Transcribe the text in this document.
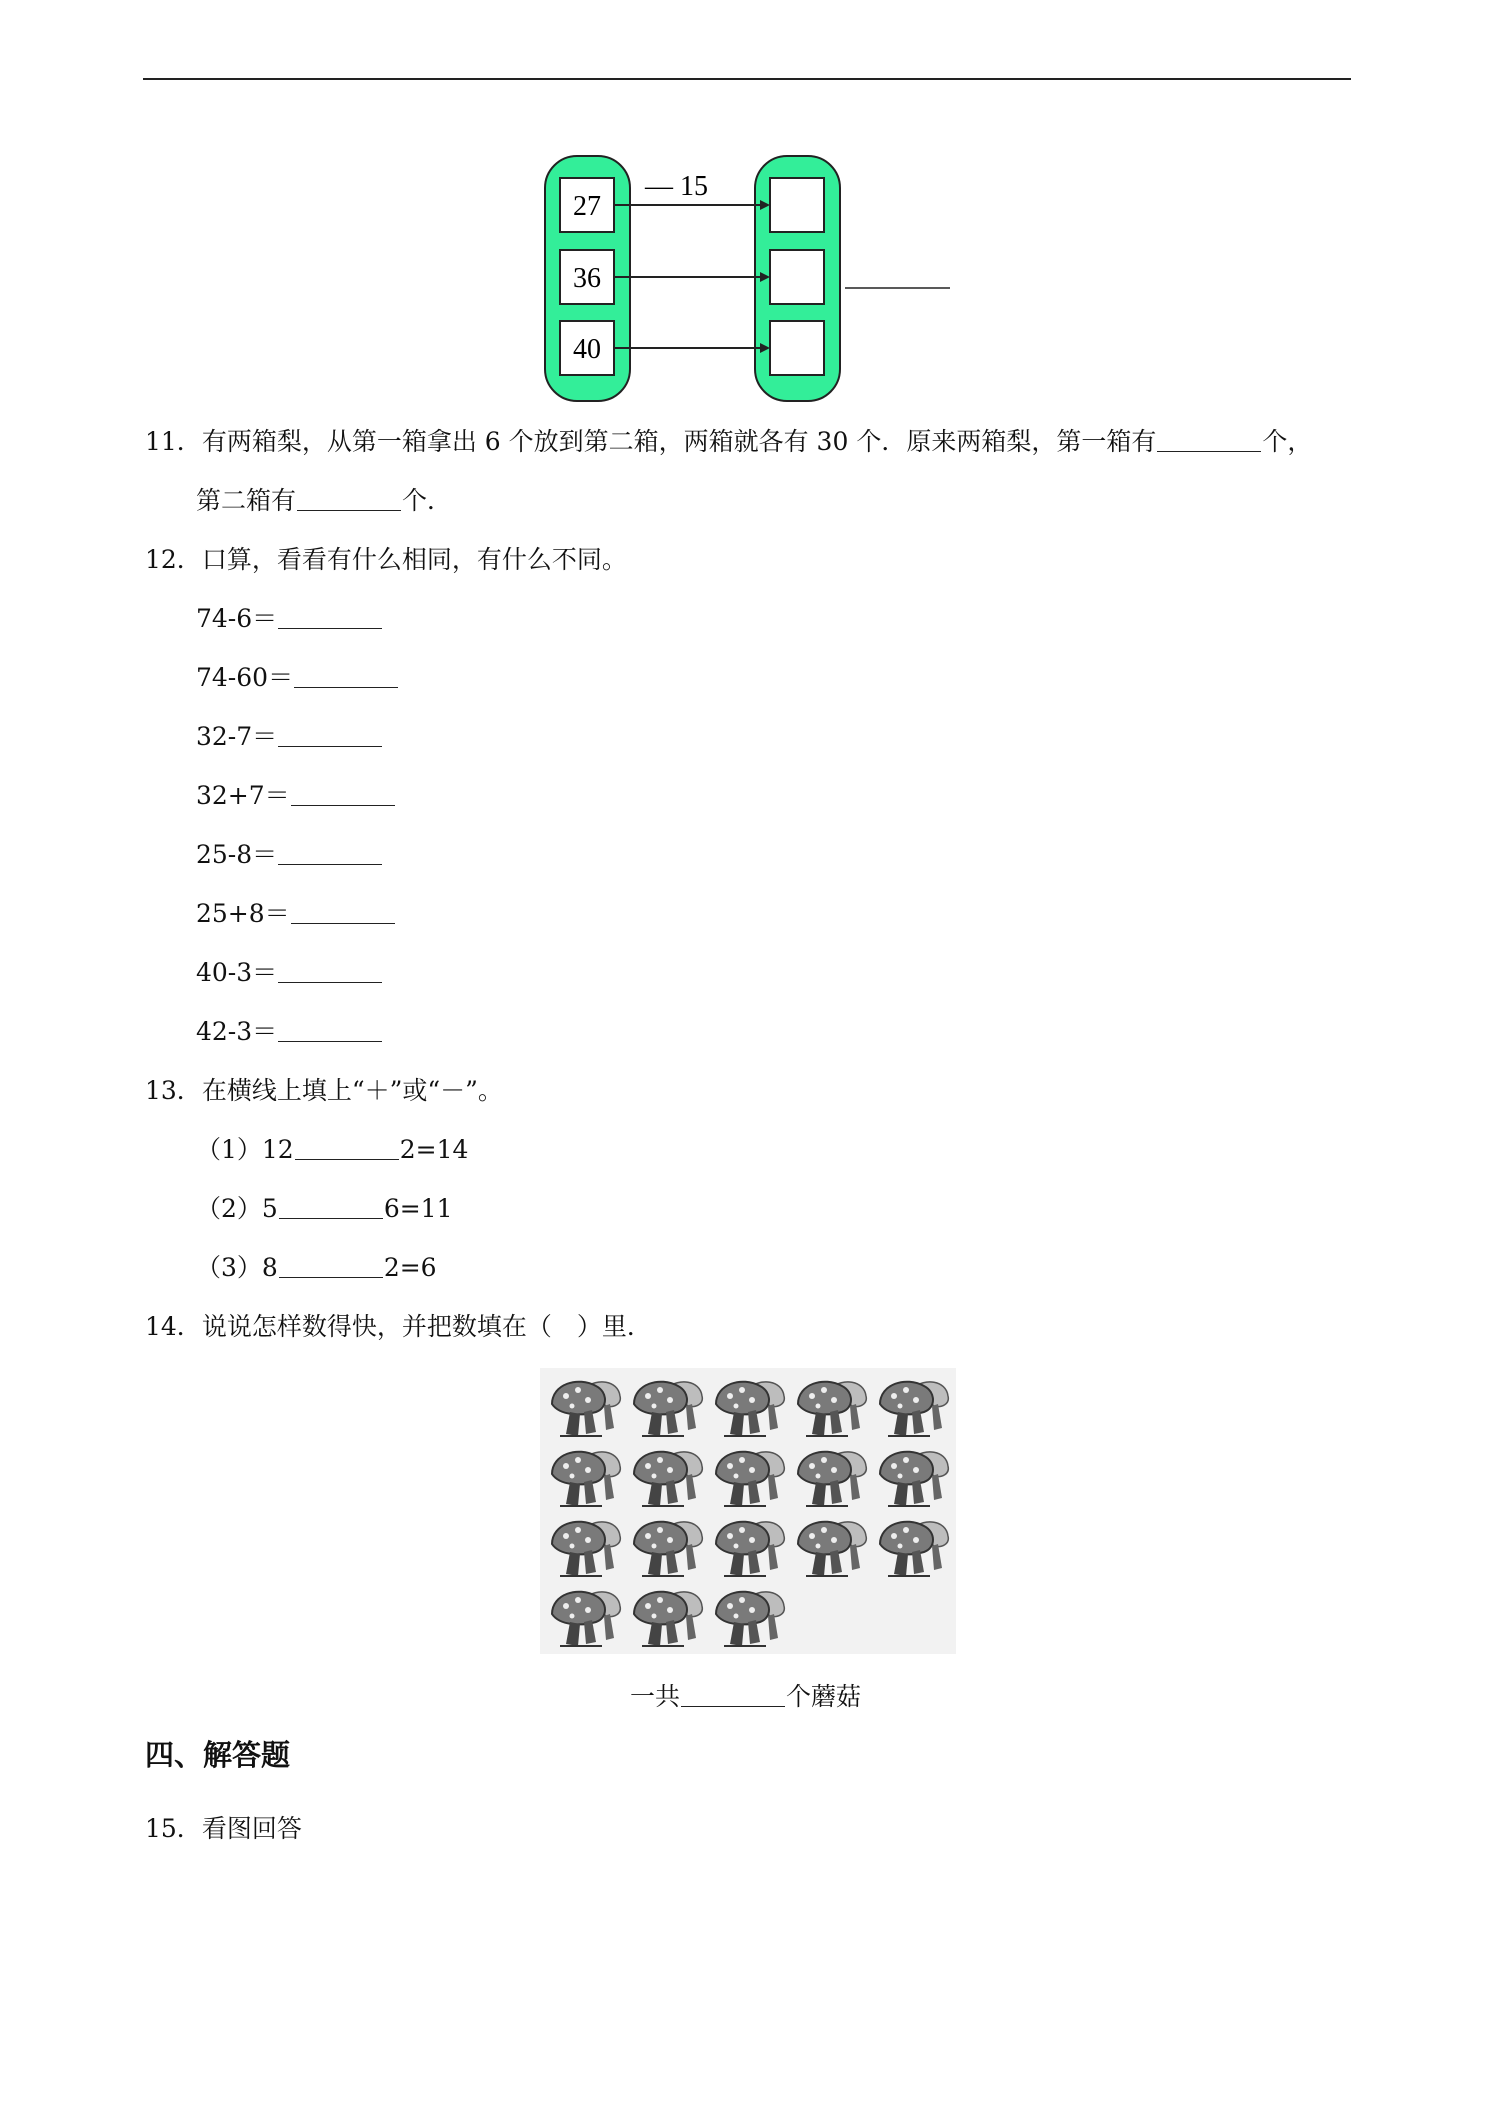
27
36
40
— 15
11．有两箱梨，从第一箱拿出 6 个放到第二箱，两箱就各有 30 个．原来两箱梨，第一箱有	个，
第二箱有	个．
12．口算，看看有什么相同，有什么不同。
74-6＝
74-60＝
32-7＝
32+7＝
25-8＝
25+8＝
40-3＝
42-3＝
13．在横线上填上“＋”或“－”。
（1）12	2=14
（2）5	6=11
（3）8	2=6
14．说说怎样数得快，并把数填在（　）里．
一共	个蘑菇
四、解答题
15．看图回答
